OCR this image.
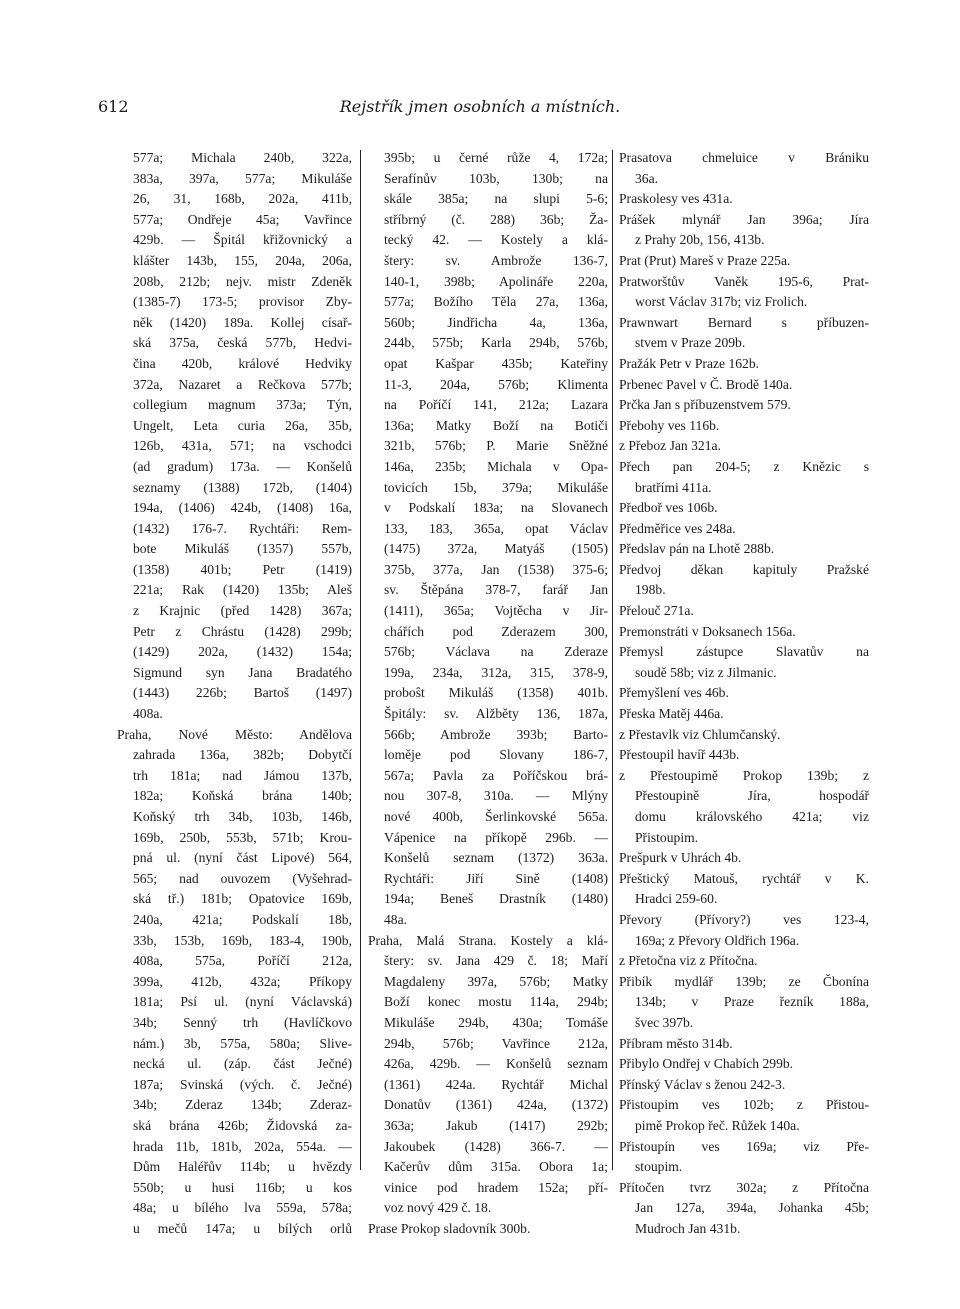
612	Rejstřík jmen osobních a místních.
577a; Michala 240b, 322a,
383a, 397a, 577a; Mikuláše
26, 31, 168b, 202a, 411b,
577a; Ondřeje 45a; Vavřince
429b. — Špitál křižovnický a
klášter 143b, 155, 204a, 206a,
208b, 212b; nejv. mistr Zdeněk
(1385-7) 173-5; provisor Zby-
něk (1420) 189a. Kollej císař-
ská 375a, česká 577b, Hedvi-
čina 420b, králové Hedviky
372a, Nazaret a Rečkova 577b;
collegium magnum 373a; Týn,
Ungelt, Leta curia 26a, 35b,
126b, 431a, 571; na vschodci
(ad gradum) 173a. — Konšelů
seznamy (1388) 172b, (1404)
194a, (1406) 424b, (1408) 16a,
(1432) 176-7. Rychtáři: Rem-
bote Mikuláš (1357) 557b,
(1358) 401b; Petr (1419)
221a; Rak (1420) 135b; Aleš
z Krajnic (před 1428) 367a;
Petr z Chrástu (1428) 299b;
(1429) 202a, (1432) 154a;
Sigmund syn Jana Bradatého
(1443) 226b; Bartoš (1497)
408a.
Praha, Nové Město: Andělova
zahrada 136a, 382b; Dobytčí
trh 181a; nad Jámou 137b,
182a; Koňská brána 140b;
Koňský trh 34b, 103b, 146b,
169b, 250b, 553b, 571b; Krou-
pná ul. (nyní část Lipové) 564,
565; nad ouvozem (Vyšehrad-
ská tř.) 181b; Opatovice 169b,
240a, 421a; Podskalí 18b,
33b, 153b, 169b, 183-4, 190b,
408a, 575a, Poříčí 212a,
399a, 412b, 432a; Příkopy
181a; Psí ul. (nyní Václavská)
34b; Senný trh (Havlíčkovo
nám.) 3b, 575a, 580a; Slive-
necká ul. (záp. část Ječné)
187a; Svinská (vých. č. Ječné)
34b; Zderaz 134b; Zderaz-
ská brána 426b; Židovská za-
hrada 11b, 181b, 202a, 554a. —
Dům Haléřův 114b; u hvězdy
550b; u husi 116b; u kos
48a; u bílého lva 559a, 578a;
u mečů 147a; u bílých orlů
395b; u černé růže 4, 172a;
Serafínův 103b, 130b; na
skále 385a; na slupi 5-6;
stříbrný (č. 288) 36b; Ža-
tecký 42. — Kostely a klá-
štery: sv. Ambrože 136-7,
140-1, 398b; Apolináře 220a,
577a; Božího Těla 27a, 136a,
560b; Jindřicha 4a, 136a,
244b, 575b; Karla 294b, 576b,
opat Kašpar 435b; Kateřiny
11-3, 204a, 576b; Klimenta
na Poříčí 141, 212a; Lazara
136a; Matky Boží na Botiči
321b, 576b; P. Marie Sněžné
146a, 235b; Michala v Opa-
tovicích 15b, 379a; Mikuláše
v Podskalí 183a; na Slovanech
133, 183, 365a, opat Václav
(1475) 372a, Matyáš (1505)
375b, 377a, Jan (1538) 375-6;
sv. Štěpána 378-7, farář Jan
(1411), 365a; Vojtěcha v Jir-
chářích pod Zderazem 300,
576b; Václava na Zderaze
199a, 234a, 312a, 315, 378-9,
proboŝt Mikuláš (1358) 401b.
Špitály: sv. Alžběty 136, 187a,
566b; Ambrože 393b; Barto-
loměje pod Slovany 186-7,
567a; Pavla za Poříčskou brá-
nou 307-8, 310a. — Mlýny
nové 400b, Šerlinkovské 565a.
Vápenice na příkopě 296b. —
Konšelů seznam (1372) 363a.
Rychtáři: Jiří Sině (1408)
194a; Beneš Drastník (1480)
48a.
Praha, Malá Strana. Kostely a klá-
štery: sv. Jana 429 č. 18; Maří
Magdaleny 397a, 576b; Matky
Boží konec mostu 114a, 294b;
Mikuláše 294b, 430a; Tomáše
294b, 576b; Vavřince 212a,
426a, 429b. — Konšelů seznam
(1361) 424a. Rychtář Michal
Donatův (1361) 424a, (1372)
363a; Jakub (1417) 292b;
Jakoubek (1428) 366-7. —
Kačerův dům 315a. Obora 1a;
vinice pod hradem 152a; pří-
voz nový 429 č. 18.
Prase Prokop sladovník 300b.
Prasatova chmeluice v Brániku
36a.
Praskolesy ves 431a.
Prášek mlynář Jan 396a; Jíra
z Prahy 20b, 156, 413b.
Prat (Prut) Mareš v Praze 225a.
Pratworštův Vaněk 195-6, Prat-
worst Václav 317b; viz Frolich.
Prawnwart Bernard s příbuzen-
stvem v Praze 209b.
Pražák Petr v Praze 162b.
Prbenec Pavel v Č. Brodě 140a.
Prčka Jan s příbuzenstvem 579.
Přebohy ves 116b.
z Přeboz Jan 321a.
Přech pan 204-5; z Knězic s
bratřími 411a.
Předboř ves 106b.
Předměřice ves 248a.
Předslav pán na Lhotě 288b.
Předvoj děkan kapituly Pražské
198b.
Přelouč 271a.
Premonstráti v Doksanech 156a.
Přemysl zástupce Slavatův na
soudě 58b; viz z Jilmanic.
Přemyšlení ves 46b.
Přeska Matěj 446a.
z Přestavlk viz Chlumčanský.
Přestoupil havíř 443b.
z Přestoupimě Prokop 139b; z
Přestoupině Jíra, hospodář
domu královského 421a; viz
Přistoupim.
Prešpurk v Uhrách 4b.
Přeštický Matouš, rychtář v K.
Hradci 259-60.
Převory (Přívory?) ves 123-4,
169a; z Převory Oldřich 196a.
z Přetočna viz z Přítočna.
Přibík mydlář 139b; ze Čbonína
134b; v Praze řezník 188a,
švec 397b.
Příbram město 314b.
Přibylo Ondřej v Chabích 299b.
Přínský Václav s ženou 242-3.
Přistoupim ves 102b; z Přistou-
pimě Prokop řeč. Růžek 140a.
Přistoupín ves 169a; viz Pře-
stoupim.
Přítočen tvrz 302a; z Přítočna
Jan 127a, 394a, Johanka 45b;
Mudroch Jan 431b.
